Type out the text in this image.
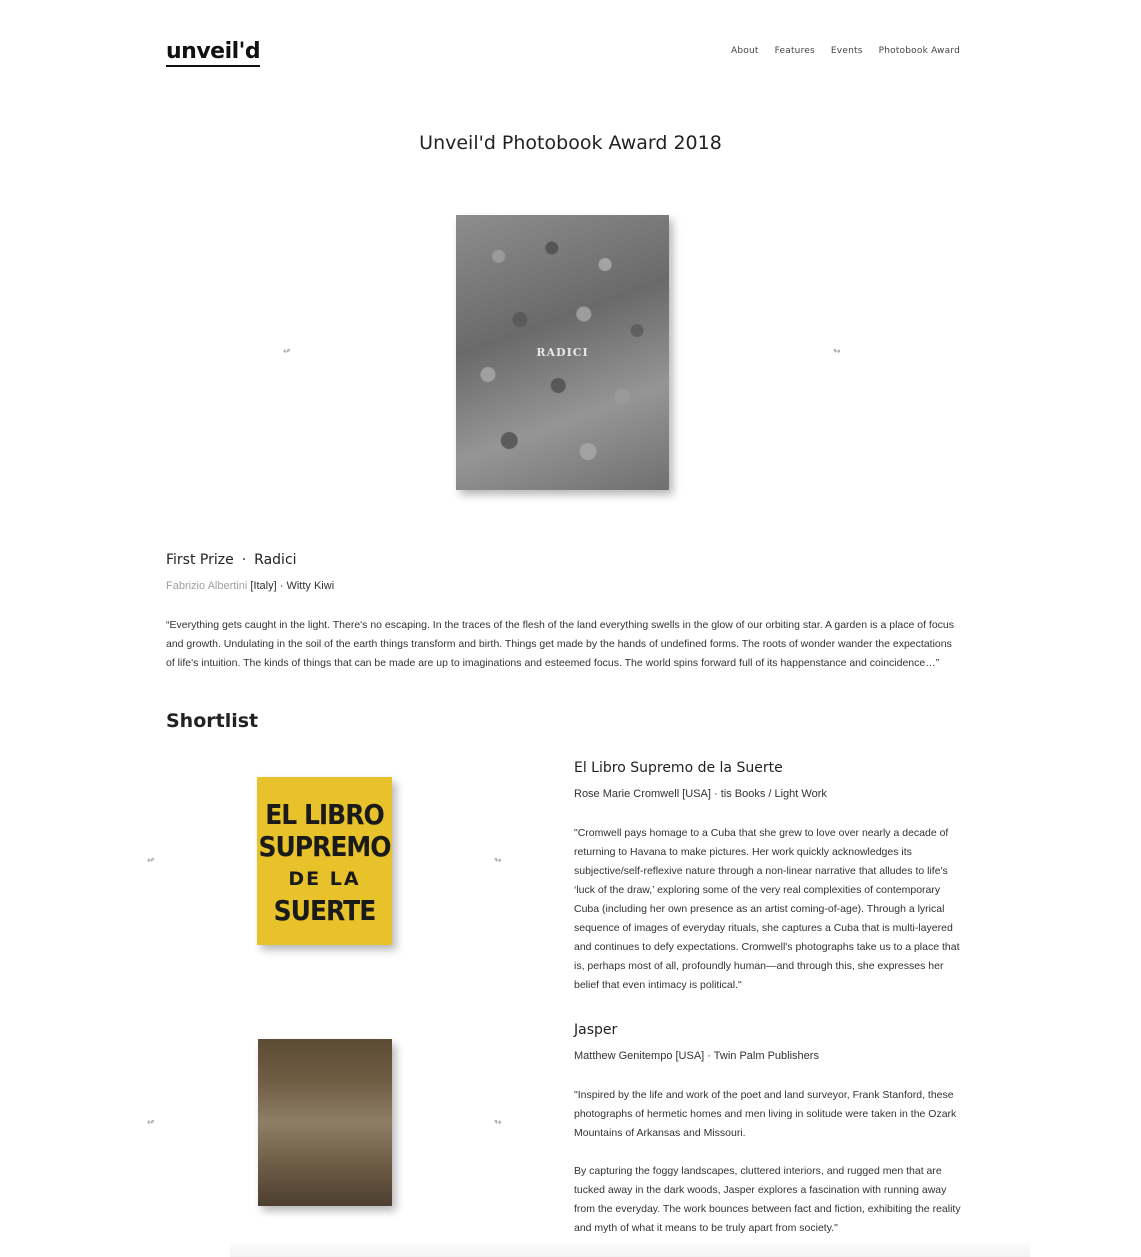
unveil'd	About Features Events Photobook Award
Unveil'd Photobook Award 2018
↫	RADICI	↬
First Prize · Radici
Fabrizio Albertini [Italy] · Witty Kiwi

“Everything gets caught in the light. There's no escaping. In the traces of the flesh of the land everything swells in the glow of our orbiting star. A garden is a place of focus and growth. Undulating in the soil of the earth things transform and birth. Things get made by the hands of undefined forms. The roots of wonder wander the expectations of life's intuition. The kinds of things that can be made are up to imaginations and esteemed focus. The world spins forward full of its happenstance and coincidence…”

Shortlist
↫
EL LIBRO
SUPREMO
DE LA
SUERTE
↬
El Libro Supremo de la Suerte
Rose Marie Cromwell [USA] · tis Books / Light Work

"Cromwell pays homage to a Cuba that she grew to love over nearly a decade of returning to Havana to make pictures. Her work quickly acknowledges its subjective/self-reflexive nature through a non-linear narrative that alludes to life's ‘luck of the draw,’ exploring some of the very real complexities of contemporary Cuba (including her own presence as an artist coming-of-age). Through a lyrical sequence of images of everyday rituals, she captures a Cuba that is multi-layered and continues to defy expectations. Cromwell's photographs take us to a place that is, perhaps most of all, profoundly human—and through this, she expresses her belief that even intimacy is political."

↫	↬
Jasper
Matthew Genitempo [USA] · Twin Palm Publishers

"Inspired by the life and work of the poet and land surveyor, Frank Stanford, these photographs of hermetic homes and men living in solitude were taken in the Ozark Mountains of Arkansas and Missouri.

By capturing the foggy landscapes, cluttered interiors, and rugged men that are tucked away in the dark woods, Jasper explores a fascination with running away from the everyday. The work bounces between fact and fiction, exhibiting the reality and myth of what it means to be truly apart from society."
